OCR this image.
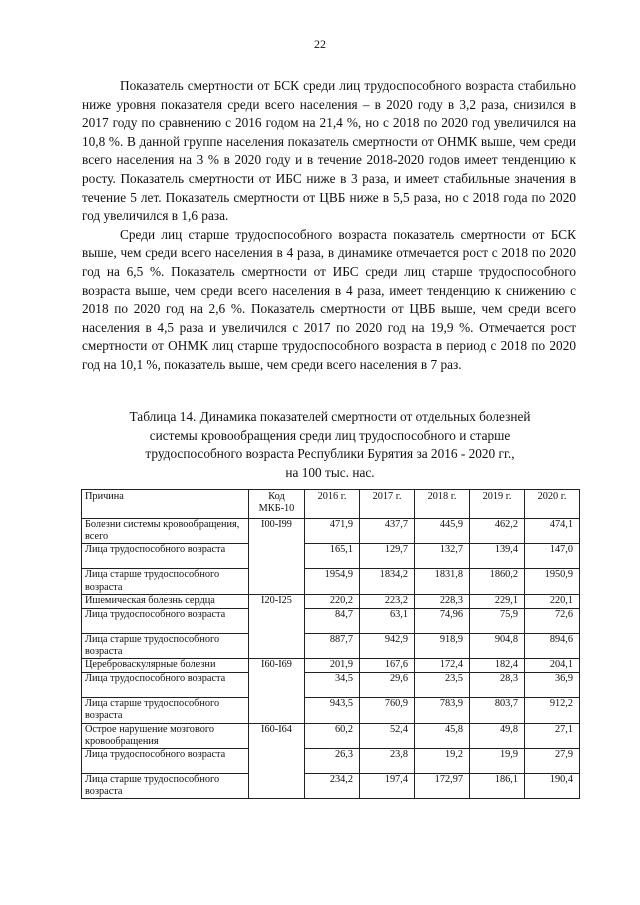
22

Показатель смертности от БСК среди лиц трудоспособного возраста стабильно ниже уровня показателя среди всего населения – в 2020 году в 3,2 раза, снизился в 2017 году по сравнению с 2016 годом на 21,4 %, но с 2018 по 2020 год увеличился на 10,8 %. В данной группе населения показатель смертности от ОНМК выше, чем среди всего населения на 3 % в 2020 году и в течение 2018-2020 годов имеет тенденцию к росту. Показатель смертности от ИБС ниже в 3 раза, и имеет стабильные значения в течение 5 лет. Показатель смертности от ЦВБ ниже в 5,5 раза, но с 2018 года по 2020 год увеличился в 1,6 раза.

Среди лиц старше трудоспособного возраста показатель смертности от БСК выше, чем среди всего населения в 4 раза, в динамике отмечается рост с 2018 по 2020 год на 6,5 %. Показатель смертности от ИБС среди лиц старше трудоспособного возраста выше, чем среди всего населения в 4 раза, имеет тенденцию к снижению с 2018 по 2020 год на 2,6 %. Показатель смертности от ЦВБ выше, чем среди всего населения в 4,5 раза и увеличился с 2017 по 2020 год на 19,9 %. Отмечается рост смертности от ОНМК лиц старше трудоспособного возраста в период с 2018 по 2020 год на 10,1 %, показатель выше, чем среди всего населения в 7 раз.

Таблица 14. Динамика показателей смертности от отдельных болезней
системы кровообращения среди лиц трудоспособного и старше
трудоспособного возраста Республики Бурятия за 2016 - 2020 гг.,
на 100 тыс. нас.
Причина	Код МКБ-10	2016 г.	2017 г.	2018 г.	2019 г.	2020 г.
Болезни системы кровообращения, всего	I00-I99	471,9	437,7	445,9	462,2	474,1
Лица трудоспособного возраста		165,1	129,7	132,7	139,4	147,0
Лица старше трудоспособного возраста		1954,9	1834,2	1831,8	1860,2	1950,9
Ишемическая болезнь сердца	I20-I25	220,2	223,2	228,3	229,1	220,1
Лица трудоспособного возраста		84,7	63,1	74,96	75,9	72,6
Лица старше трудоспособного возраста		887,7	942,9	918,9	904,8	894,6
Цереброваскулярные болезни	I60-I69	201,9	167,6	172,4	182,4	204,1
Лица трудоспособного возраста		34,5	29,6	23,5	28,3	36,9
Лица старше трудоспособного возраста		943,5	760,9	783,9	803,7	912,2
Острое нарушение мозгового кровообращения	I60-I64	60,2	52,4	45,8	49,8	27,1
Лица трудоспособного возраста		26,3	23,8	19,2	19,9	27,9
Лица старше трудоспособного возраста		234,2	197,4	172,97	186,1	190,4
